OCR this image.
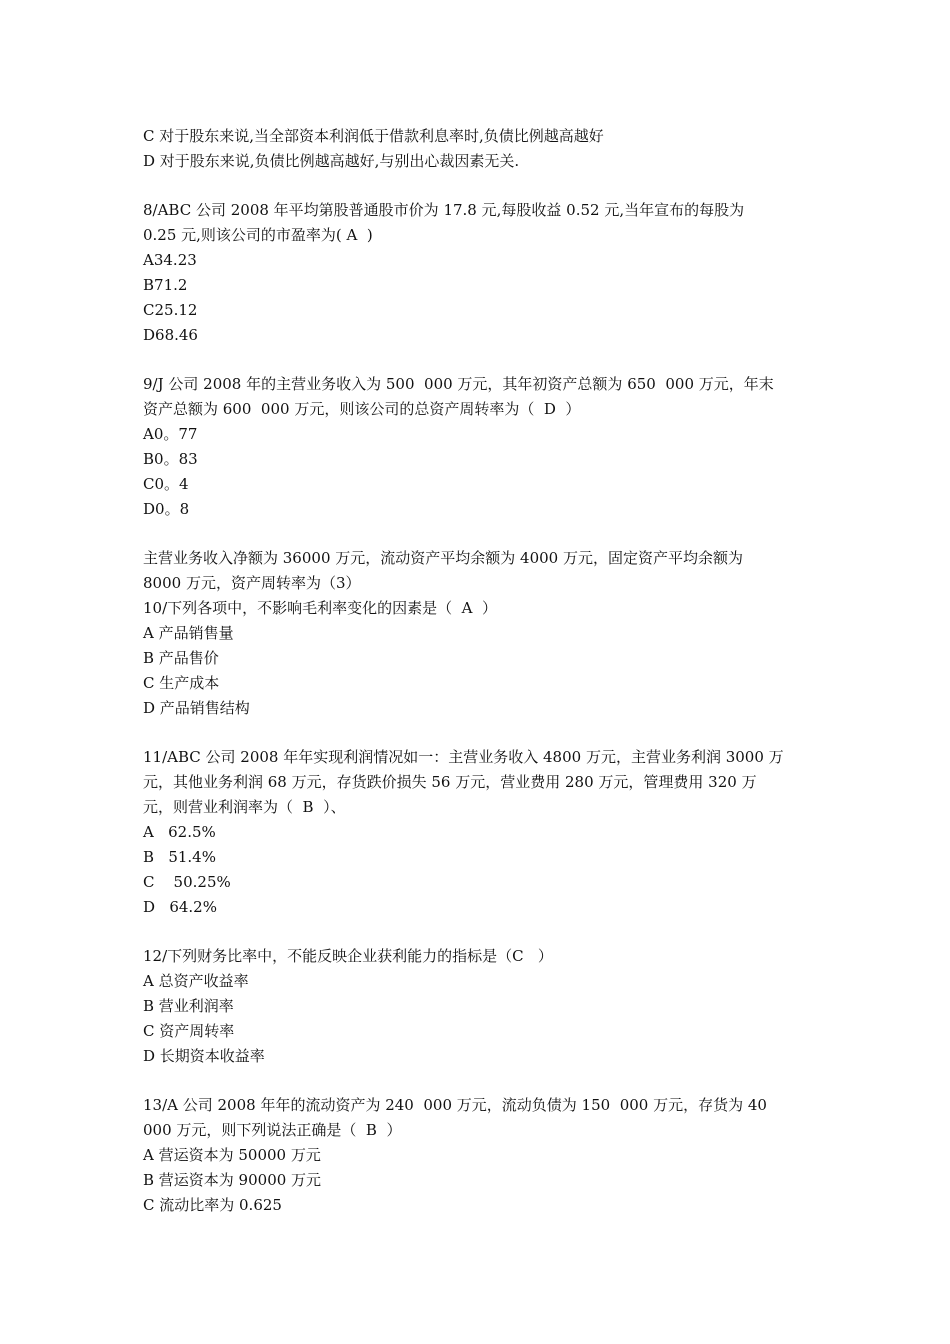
C 对于股东来说,当全部资本利润低于借款利息率时,负债比例越高越好
D 对于股东来说,负债比例越高越好,与别出心裁因素无关.
8/ABC 公司 2008 年平均第股普通股市价为 17.8 元,每股收益 0.52 元,当年宣布的每股为
0.25 元,则该公司的市盈率为( A  )
A34.23
B71.2
C25.12
D68.46
9/J 公司 2008 年的主营业务收入为 500  000 万元，其年初资产总额为 650  000 万元，年末
资产总额为 600  000 万元，则该公司的总资产周转率为（  D  ）
A0。77
B0。83
C0。4
D0。8
主营业务收入净额为 36000 万元，流动资产平均余额为 4000 万元，固定资产平均余额为
8000 万元，资产周转率为（3）
10/下列各项中，不影响毛利率变化的因素是（  A  ）
A 产品销售量
B 产品售价
C 生产成本
D 产品销售结构
11/ABC 公司 2008 年年实现利润情况如一：主营业务收入 4800 万元，主营业务利润 3000 万
元，其他业务利润 68 万元，存货跌价损失 56 万元，营业费用 280 万元，管理费用 320 万
元，则营业利润率为（  B  ）、
A   62.5%
B   51.4%
C    50.25%
D   64.2%
12/下列财务比率中，不能反映企业获利能力的指标是（C   ）
A 总资产收益率
B 营业利润率
C 资产周转率
D 长期资本收益率
13/A 公司 2008 年年的流动资产为 240  000 万元，流动负债为 150  000 万元，存货为 40
000 万元，则下列说法正确是（  B  ）
A 营运资本为 50000 万元
B 营运资本为 90000 万元
C 流动比率为 0.625
